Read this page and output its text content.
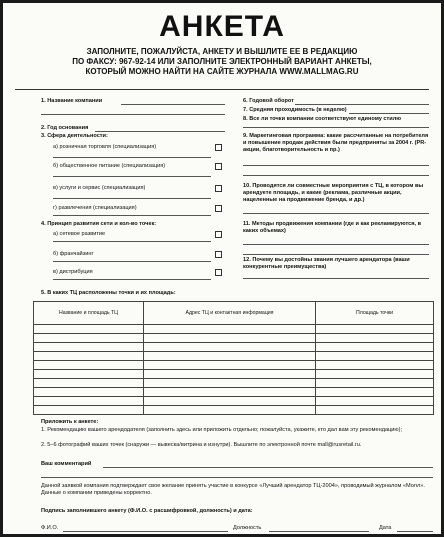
АНКЕТА
ЗАПОЛНИТЕ, ПОЖАЛУЙСТА, АНКЕТУ И ВЫШЛИТЕ ЕЕ В РЕДАКЦИЮ
ПО ФАКСУ: 967-92-14 ИЛИ ЗАПОЛНИТЕ ЭЛЕКТРОННЫЙ ВАРИАНТ АНКЕТЫ,
КОТОРЫЙ МОЖНО НАЙТИ НА САЙТЕ ЖУРНАЛА WWW.MALLMAG.RU
1. Название компании
2. Год основания
3. Сфера деятельности:
а) розничная торговля (специализация)
б) общественное питание (специализация)
в) услуги и сервис (специализация)
г) развлечения (специализация)
4. Принцип развития сети и кол-во точек:
а) сетевое развитие
б) франчайзинг
в) дистрибуция
6. Годовой оборот
7. Средняя проходимость (в неделю)
8. Все ли точки компании соответствуют единому стилю
9. Маркетинговая программа: какие рассчитанные на потребителя и повышение продаж действия были предприняты за 2004 г. (PR-акции, благотворительность и пр.)
10. Проводятся ли совместные мероприятия с ТЦ, в котором вы арендуете площадь, и какие (реклама, различные акции, нацеленные на продвижение бренда, и др.)
11. Методы продвижения компании (где и как рекламируются, в каких объемах)
12. Почему вы достойны звания лучшего арендатора (ваши конкурентные преимущества)
5. В каких ТЦ расположены точки и их площадь:
Название и площадь ТЦ	Адрес ТЦ и контактная информация	Площадь точки

Приложить к анкете:
1. Рекомендацию вашего арендодателя (заполнить здесь или приложить отдельно; пожалуйста, укажите, кто дал вам эту рекомендацию);
2. 5–6 фотографий ваших точек (снаружи — вывеска/витрина и изнутри). Вышлите по электронной почте mall@rusretail.ru.
Ваш комментарий
Данной заявкой компания подтверждает свое желание принять участие в конкурсе «Лучший арендатор ТЦ-2004», проводимый журналом «Молл». Данные о компании приведены корректно.
Подпись заполнившего анкету (Ф.И.О. с расшифровкой, должность) и дата:
Ф.И.О.	Должность	Дата
